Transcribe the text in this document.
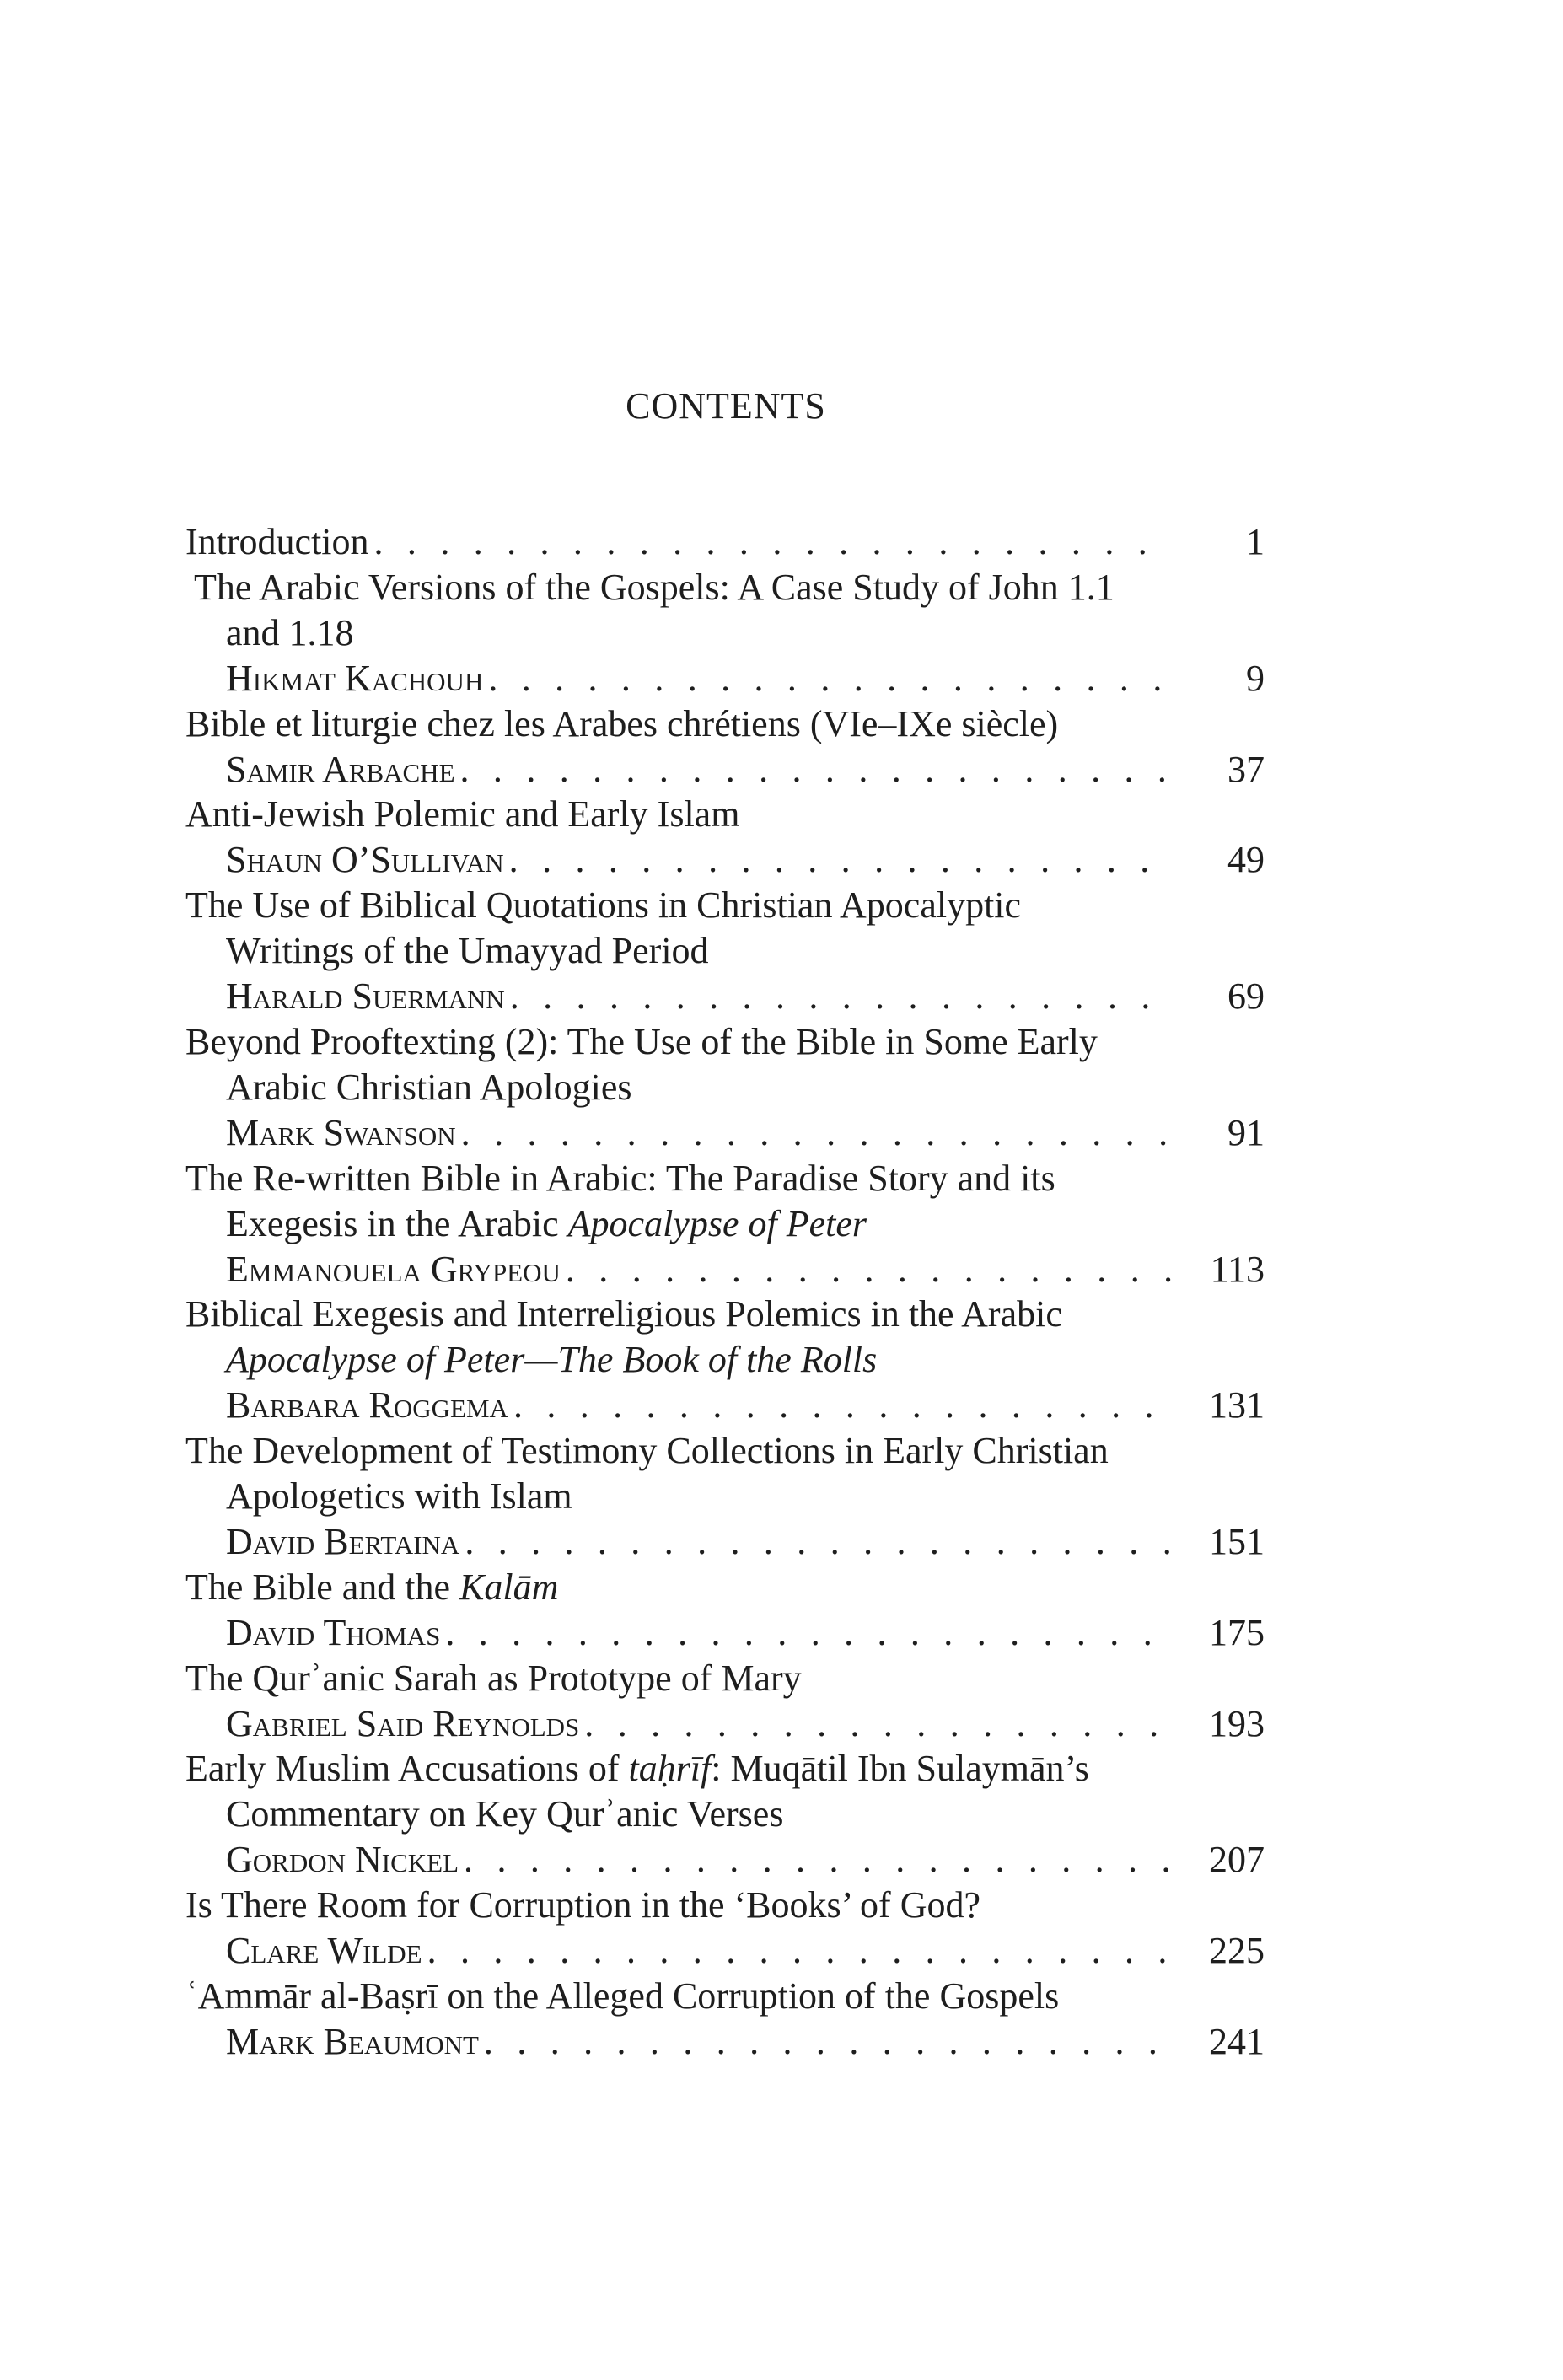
CONTENTS
Introduction . . .	1
The Arabic Versions of the Gospels: A Case Study of John 1.1
and 1.18
Hikmat Kachouh . . .	9
Bible et liturgie chez les Arabes chrétiens (VIe–IXe siècle)
Samir Arbache . . .	37
Anti-Jewish Polemic and Early Islam
Shaun O’Sullivan . . .	49
The Use of Biblical Quotations in Christian Apocalyptic
Writings of the Umayyad Period
Harald Suermann . . .	69
Beyond Prooftexting (2): The Use of the Bible in Some Early
Arabic Christian Apologies
Mark Swanson . . .	91
The Re-written Bible in Arabic: The Paradise Story and its
Exegesis in the Arabic Apocalypse of Peter
Emmanouela Grypeou . . .	113
Biblical Exegesis and Interreligious Polemics in the Arabic
Apocalypse of Peter—The Book of the Rolls
Barbara Roggema . . .	131
The Development of Testimony Collections in Early Christian
Apologetics with Islam
David Bertaina . . .	151
The Bible and the Kalām
David Thomas . . .	175
The Qurʾanic Sarah as Prototype of Mary
Gabriel Said Reynolds . . .	193
Early Muslim Accusations of taḥrīf: Muqātil Ibn Sulaymān’s
Commentary on Key Qurʾanic Verses
Gordon Nickel . . .	207
Is There Room for Corruption in the ‘Books’ of God?
Clare Wilde . . .	225
ʿAmmār al-Baṣrī on the Alleged Corruption of the Gospels
Mark Beaumont . . .	241
